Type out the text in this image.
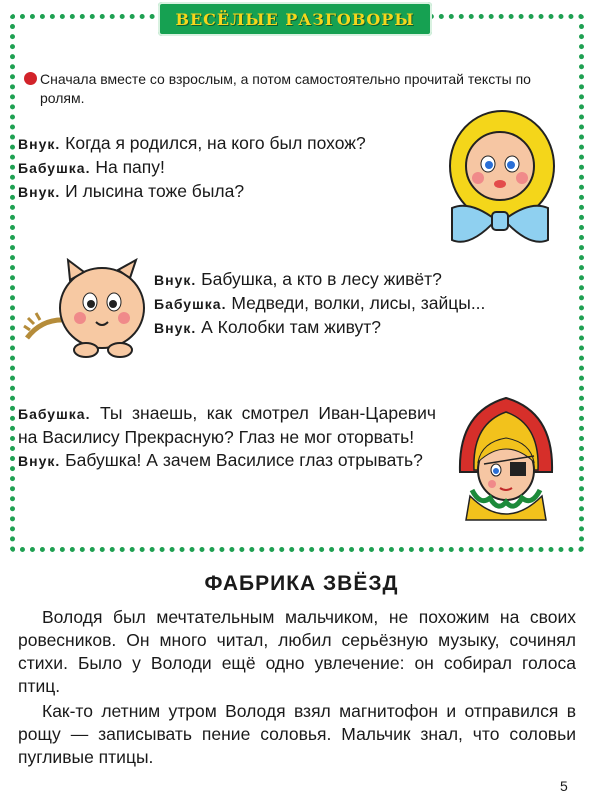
ВЕСЁЛЫЕ РАЗГОВОРЫ
Сначала вместе со взрослым, а потом самостоятельно прочитай тексты по ролям.

Внук. Когда я родился, на кого был похож?

Бабушка. На папу!

Внук. И лысина тоже была?

Внук. Бабушка, а кто в лесу живёт?

Бабушка. Медведи, волки, лисы, зайцы...

Внук. А Колобки там живут?

Бабушка. Ты знаешь, как смотрел Иван-Царевич на Василису Прекрасную? Глаз не мог оторвать!

Внук. Бабушка! А зачем Василисе глаз отрывать?

ФАБРИКА ЗВЁЗД

Володя был мечтательным мальчиком, не похожим на своих ровесников. Он много читал, любил серьёзную музыку, сочинял стихи. Было у Володи ещё одно увлечение: он собирал голоса птиц.

Как-то летним утром Володя взял магнитофон и отправился в рощу — записывать пение соловья. Мальчик знал, что соловьи пугливые птицы.

5
